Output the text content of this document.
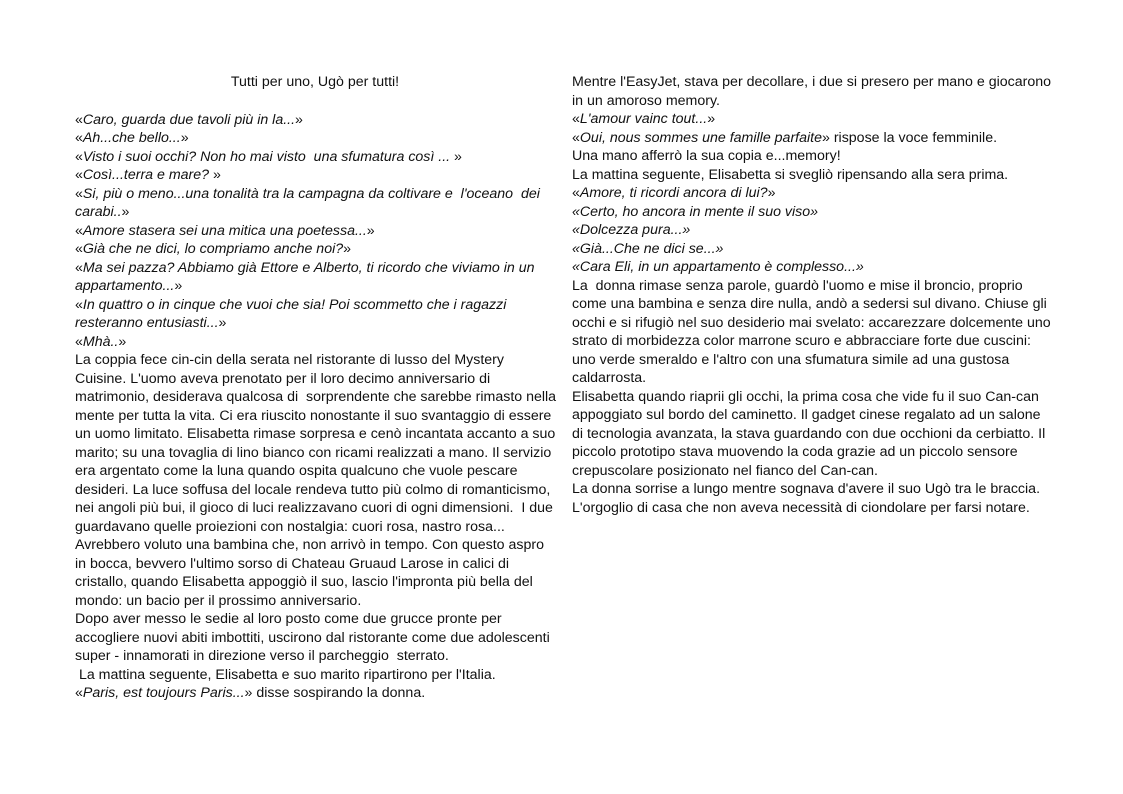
Tutti per uno, Ugò per tutti!
«Caro, guarda due tavoli più in la...»
«Ah...che bello...»
«Visto i suoi occhi? Non ho mai visto  una sfumatura così ... »
«Così...terra e mare? »
«Si, più o meno...una tonalità tra la campagna da coltivare e  l'oceano  dei
carabi..»
«Amore stasera sei una mitica una poetessa...»
«Già che ne dici, lo compriamo anche noi?»
«Ma sei pazza? Abbiamo già Ettore e Alberto, ti ricordo che viviamo in un
appartamento...»
«In quattro o in cinque che vuoi che sia! Poi scommetto che i ragazzi
resteranno entusiasti...»
«Mhà..»
La coppia fece cin-cin della serata nel ristorante di lusso del Mystery
Cuisine. L'uomo aveva prenotato per il loro decimo anniversario di
matrimonio, desiderava qualcosa di  sorprendente che sarebbe rimasto nella
mente per tutta la vita. Ci era riuscito nonostante il suo svantaggio di essere
un uomo limitato. Elisabetta rimase sorpresa e cenò incantata accanto a suo
marito; su una tovaglia di lino bianco con ricami realizzati a mano. Il servizio
era argentato come la luna quando ospita qualcuno che vuole pescare
desideri. La luce soffusa del locale rendeva tutto più colmo di romanticismo,
nei angoli più bui, il gioco di luci realizzavano cuori di ogni dimensioni.  I due
guardavano quelle proiezioni con nostalgia: cuori rosa, nastro rosa...
Avrebbero voluto una bambina che, non arrivò in tempo. Con questo aspro
in bocca, bevvero l'ultimo sorso di Chateau Gruaud Larose in calici di
cristallo, quando Elisabetta appoggiò il suo, lascio l'impronta più bella del
mondo: un bacio per il prossimo anniversario.
Dopo aver messo le sedie al loro posto come due grucce pronte per
accogliere nuovi abiti imbottiti, uscirono dal ristorante come due adolescenti
super - innamorati in direzione verso il parcheggio  sterrato.
La mattina seguente, Elisabetta e suo marito ripartirono per l'Italia.
«Paris, est toujours Paris...» disse sospirando la donna.
Mentre l'EasyJet, stava per decollare, i due si presero per mano e giocarono
in un amoroso memory.
«L'amour vainc tout...»
«Oui, nous sommes une famille parfaite» rispose la voce femminile.
Una mano afferrò la sua copia e...memory!
La mattina seguente, Elisabetta si svegliò ripensando alla sera prima.
«Amore, ti ricordi ancora di lui?»
«Certo, ho ancora in mente il suo viso»
«Dolcezza pura...»
«Già...Che ne dici se...»
«Cara Eli, in un appartamento è complesso...»
La  donna rimase senza parole, guardò l'uomo e mise il broncio, proprio
come una bambina e senza dire nulla, andò a sedersi sul divano. Chiuse gli
occhi e si rifugiò nel suo desiderio mai svelato: accarezzare dolcemente uno
strato di morbidezza color marrone scuro e abbracciare forte due cuscini:
uno verde smeraldo e l'altro con una sfumatura simile ad una gustosa
caldarrosta.
Elisabetta quando riaprii gli occhi, la prima cosa che vide fu il suo Can-can
appoggiato sul bordo del caminetto. Il gadget cinese regalato ad un salone
di tecnologia avanzata, la stava guardando con due occhioni da cerbiatto. Il
piccolo prototipo stava muovendo la coda grazie ad un piccolo sensore
crepuscolare posizionato nel fianco del Can-can.
La donna sorrise a lungo mentre sognava d'avere il suo Ugò tra le braccia.
L'orgoglio di casa che non aveva necessità di ciondolare per farsi notare.
